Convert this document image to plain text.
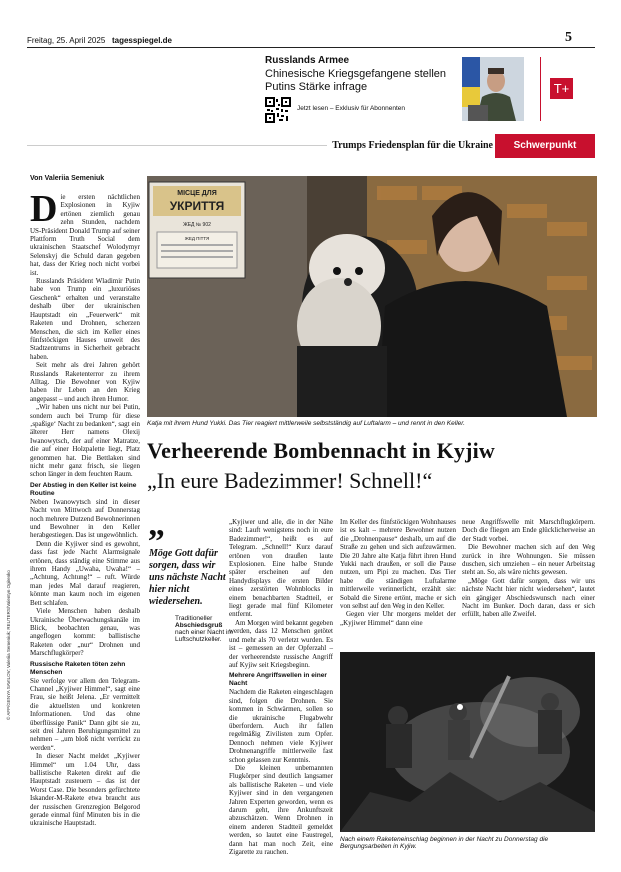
Freitag, 25. April 2025 tagesspiegel.de	5
Russlands Armee
Chinesische Kriegsgefangene stellen Putins Stärke infrage
Jetzt lesen – Exklusiv für Abonnenten
T+
Trumps Friedensplan für die Ukraine	Schwerpunkt
Von Valeriia Semeniuk
D ie ersten nächtlichen Explosionen in Kyjiw ertönen ziemlich genau zehn Stunden, nachdem US-Präsident Donald Trump auf seiner Plattform Truth Social dem ukrainischen Staatschef Wolodymyr Selenskyj die Schuld daran gegeben hat, dass der Krieg noch nicht vorbei ist.

Russlands Präsident Wladimir Putin habe von Trump ein „luxuriöses Geschenk“ erhalten und veranstalte deshalb über der ukrainischen Hauptstadt ein „Feuerwerk“ mit Raketen und Drohnen, scherzen Menschen, die sich im Keller eines fünfstöckigen Hauses unweit des Stadtzentrums in Sicherheit gebracht haben.

Seit mehr als drei Jahren gehört Russlands Raketenterror zu ihrem Alltag. Die Bewohner von Kyjiw haben ihr Leben an den Krieg angepasst – und auch ihren Humor.

„Wir haben uns nicht nur bei Putin, sondern auch bei Trump für diese ‚spaßige‘ Nacht zu bedanken“, sagt ein älterer Herr namens Olexij Iwanowytsch, der auf einer Matratze, die auf einer Holzpalette liegt, Platz genommen hat. Die Bettlaken sind nicht mehr ganz frisch, sie liegen schon länger in dem feuchten Raum.

Der Abstieg in den Keller ist keine Routine

Neben Iwanowytsch sind in dieser Nacht von Mittwoch auf Donnerstag noch mehrere Dutzend Bewohnerinnen und Bewohner in den Keller herabgestiegen. Das ist ungewöhnlich.

Denn die Kyjiwer sind es gewohnt, dass fast jede Nacht Alarmsignale ertönen, dass ständig eine Stimme aus ihrem Handy „Uwaha, Uwaha!“ – „Achtung, Achtung!“ – ruft. Würde man jedes Mal darauf reagieren, könnte man kaum noch im eigenen Bett schlafen.

Viele Menschen haben deshalb Ukrainische Überwachungskanäle im Blick, beobachten genau, was angeflogen kommt: ballistische Raketen oder „nur“ Drohnen und Marschflugkörper?

Russische Raketen töten zehn Menschen

Sie verfolge vor allem den Telegram-Channel „Kyjiwer Himmel“, sagt eine Frau, sie heißt Jelena. „Er vermittelt die aktuellsten und konkreten Informationen. Und das ohne überflüssige Panik“ Dann gibt sie zu, seit drei Jahren Beruhigungsmittel zu nehmen – „um bloß nicht verrückt zu werden“.

In dieser Nacht meldet „Kyjiwer Himmel“ um 1.04 Uhr, dass ballistische Raketen direkt auf die Hauptstadt zusteuern – das ist der Worst Case. Die besonders gefürchtete Iskander-M-Rakete etwa braucht aus der russischen Grenzregion Belgorod gerade einmal fünf Minuten bis in die ukrainische Hauptstadt.

МІСЦЕ ДЛЯ
УКРИТТЯ
ЖЕД № 902
ЖЕД ПІТТЯ
Katja mit ihrem Hund Yukki. Das Tier reagiert mittlerweile selbstständig auf Luftalarm – und rennt in den Keller.
Verheerende Bombennacht in Kyjiw
„In eure Badezimmer! Schnell!“
„
Möge Gott dafür sorgen, dass wir uns nächste Nacht hier nicht wiedersehen.
Traditioneller
Abschiedsgruß
nach einer Nacht im Luftschutzkeller.

„Kyjiwer und alle, die in der Nähe sind: Lauft wenigstens noch in eure Badezimmer!“, heißt es auf Telegram. „Schnell!“ Kurz darauf ertönen von draußen laute Explosionen. Eine halbe Stunde später erscheinen auf den Handydisplays die ersten Bilder eines zerstörten Wohnblocks in einem benachbarten Stadtteil, er liegt gerade mal fünf Kilometer entfernt.

Am Morgen wird bekannt gegeben werden, dass 12 Menschen getötet und mehr als 70 verletzt wurden. Es ist – gemessen an der Opferzahl – der verheerendste russische Angriff auf Kyjiw seit Kriegsbeginn.

Mehrere Angriffswellen in einer Nacht

Nachdem die Raketen eingeschlagen sind, folgen die Drohnen. Sie kommen in Schwärmen, sollen so die ukrainische Flugabwehr überfordern. Auch ihr fallen regelmäßig Zivilisten zum Opfer. Dennoch nehmen viele Kyjiwer Drohnenangriffe mittlerweile fast schon gelassen zur Kenntnis.

Die kleinen unbemannten Flugkörper sind deutlich langsamer als ballistische Raketen – und viele Kyjiwer sind in den vergangenen Jahren Experten geworden, wenn es darum geht, ihre Ankunftszeit abzuschätzen. Wenn Drohnen in einem anderen Stadtteil gemeldet werden, so lautet eine Faustregel, dann hat man noch Zeit, eine Zigarette zu rauchen.

Im Keller des fünfstöckigen Wohnhauses ist es kalt – mehrere Bewohner nutzen die „Drohnenpause“ deshalb, um auf die Straße zu gehen und sich aufzuwärmen. Die 20 Jahre alte Katja führt ihren Hund Yukki nach draußen, er soll die Pause nutzen, um Pipi zu machen. Das Tier habe die ständigen Luftalarme mittlerweile verinnerlicht, erzählt sie: Sobald die Sirene ertönt, mache er sich von selbst auf den Weg in den Keller.

Gegen vier Uhr morgens meldet der „Kyjiwer Himmel“ dann eine

neue Angriffswelle mit Marschflugkörpern. Doch die fliegen am Ende glücklicherweise an der Stadt vorbei.

Die Bewohner machen sich auf den Weg zurück in ihre Wohnungen. Sie müssen duschen, sich umziehen – ein neuer Arbeitstag steht an. So, als wäre nichts gewesen.

„Möge Gott dafür sorgen, dass wir uns nächste Nacht hier nicht wiedersehen“, lautet ein gängiger Abschiedswunsch nach einer Nacht im Bunker. Doch daran, dass er sich erfüllt, haben alle Zweifel.

Nach einem Raketeneinschlag beginnen in der Nacht zu Donnerstag die Bergungsarbeiten in Kyjiw.
© AFP/GENYA SAVILOV; Valeriia Semeniuk; REUTERS/Valentyn Ogirenko
